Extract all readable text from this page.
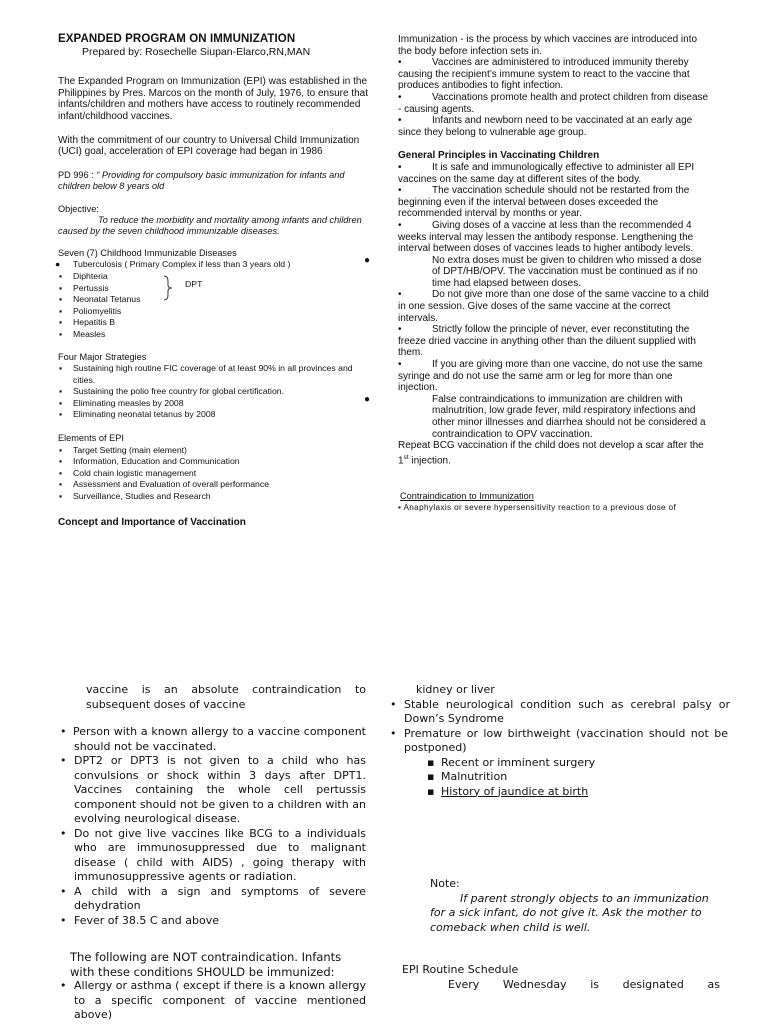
EXPANDED PROGRAM ON IMMUNIZATION
Prepared by: Rosechelle Siupan-Elarco,RN,MAN
The Expanded Program on Immunization (EPI) was established in the Philippines by Pres. Marcos on the month of July, 1976, to ensure that infants/children and mothers have access to routinely recommended infant/childhood vaccines.
With the commitment of our country to Universal Child Immunization (UCI) goal, acceleration of EPI coverage had began in 1986
PD 996 : “ Providing for compulsory basic immunization for infants and children below 8 years old
Objective:
To reduce the morbidity and mortality among infants and children caused by the seven childhood immunizable diseases.
Seven (7) Childhood Immunizable Diseases
● Tuberculosis ( Primary Complex if less than 3 years old )
▪ Diphteria
▪ Pertussis
▪ Neonatal Tetanus
▪ Poliomyelitis
▪ Hepatitis B
▪ Measles
DPT
Four Major Strategies
▪ Sustaining high routine FIC coverage of at least 90% in all provinces and cities.
▪ Sustaining the polio free country for global certification.
▪ Eliminating measles by 2008
▪ Eliminating neonatal tetanus by 2008
Elements of EPI
▪ Target Setting (main element)
▪ Information, Education and Communication
▪ Cold chain logistic management
▪ Assessment and Evaluation of overall performance
▪ Surveillance, Studies and Research
Concept and Importance of Vaccination
Immunization - is the process by which vaccines are introduced into the body before infection sets in.
•	Vaccines are administered to introduced immunity thereby causing the recipient’s immune system to react to the vaccine that produces antibodies to fight infection.
•	Vaccinations promote health and protect children from disease - causing agents.
•	Infants and newborn need to be vaccinated at an early age since they belong to vulnerable age group.
General Principles in Vaccinating Children
•	It is safe and immunologically effective to administer all EPI vaccines on the same day at different sites of the body.
•	The vaccination schedule should not be restarted from the beginning even if the interval between doses exceeded the recommended interval by months or year.
•	Giving doses of a vaccine at less than the recommended 4 weeks interval may lessen the antibody response. Lengthening the interval between doses of vaccines leads to higher antibody levels.
●	No extra doses must be given to children who missed a dose of DPT/HB/OPV. The vaccination must be continued as if no time had elapsed between doses.
•	Do not give more than one dose of the same vaccine to a child in one session. Give doses of the same vaccine at the correct intervals.
•	Strictly follow the principle of never, ever reconstituting the freeze dried vaccine in anything other than the diluent supplied with them.
•	If you are giving more than one vaccine, do not use the same syringe and do not use the same arm or leg for more than one injection.
●	False contraindications to immunization are children with malnutrition, low grade fever, mild respiratory infections and other minor illnesses and diarrhea should not be considered a contraindication to OPV vaccination.
Repeat BCG vaccination if the child does not develop a scar after the 1st injection.
Contraindication to Immunization
▪ Anaphylaxis or severe hypersensitivity reaction to a previous dose of
vaccine is an absolute contraindication to subsequent doses of vaccine
• Person with a known allergy to a vaccine component should not be vaccinated.
• DPT2 or DPT3 is not given to a child who has convulsions or shock within 3 days after DPT1. Vaccines containing the whole cell pertussis component should not be given to a children with an evolving neurological disease.
• Do not give live vaccines like BCG to a individuals who are immunosuppressed due to malignant disease ( child with AIDS) , going therapy with immunosuppressive agents or radiation.
• A child with a sign and symptoms of severe dehydration
• Fever of 38.5 C and above
The following are NOT contraindication. Infants with these conditions SHOULD be immunized:
• Allergy or asthma ( except if there is a known allergy to a specific component of vaccine mentioned above)
kidney or liver
• Stable neurological condition such as cerebral palsy or Down’s Syndrome
• Premature or low birthweight (vaccination should not be postponed)
▪ Recent or imminent surgery
▪ Malnutrition
▪ History of jaundice at birth
Note:
If parent strongly objects to an immunization for a sick infant, do not give it. Ask the mother to comeback when child is well.
EPI Routine Schedule
Every Wednesday is designated as
